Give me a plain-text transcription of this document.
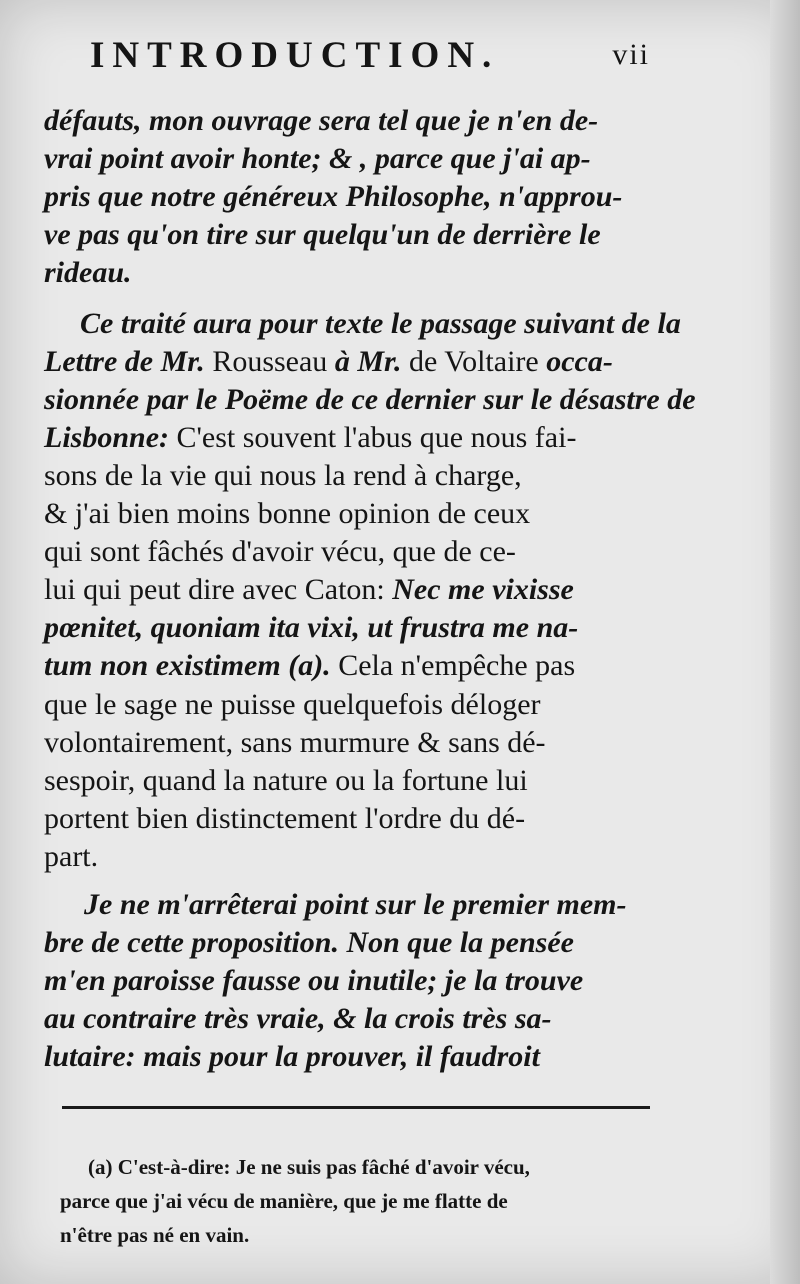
INTRODUCTION.	vii
défauts, mon ouvrage sera tel que je n'en de-
vrai point avoir honte; & , parce que j'ai ap-
pris que notre généreux Philosophe, n'approu-
ve pas qu'on tire sur quelqu'un de derrière le
rideau.
Ce traité aura pour texte le passage suivant de la
Lettre de Mr. Rousseau à Mr. de Voltaire occa-
sionnée par le Poëme de ce dernier sur le désastre de
Lisbonne: C'est souvent l'abus que nous fai-
sons de la vie qui nous la rend à charge,
& j'ai bien moins bonne opinion de ceux
qui sont fâchés d'avoir vécu, que de ce-
lui qui peut dire avec Caton: Nec me vixisse
pœnitet, quoniam ita vixi, ut frustra me na-
tum non existimem (a). Cela n'empêche pas
que le sage ne puisse quelquefois déloger
volontairement, sans murmure & sans dé-
sespoir, quand la nature ou la fortune lui
portent bien distinctement l'ordre du dé-
part.
Je ne m'arrêterai point sur le premier mem-
bre de cette proposition. Non que la pensée
m'en paroisse fausse ou inutile; je la trouve
au contraire très vraie, & la crois très sa-
lutaire: mais pour la prouver, il faudroit
(a) C'est-à-dire: Je ne suis pas fâché d'avoir vécu,
parce que j'ai vécu de manière, que je me flatte de
n'être pas né en vain.
